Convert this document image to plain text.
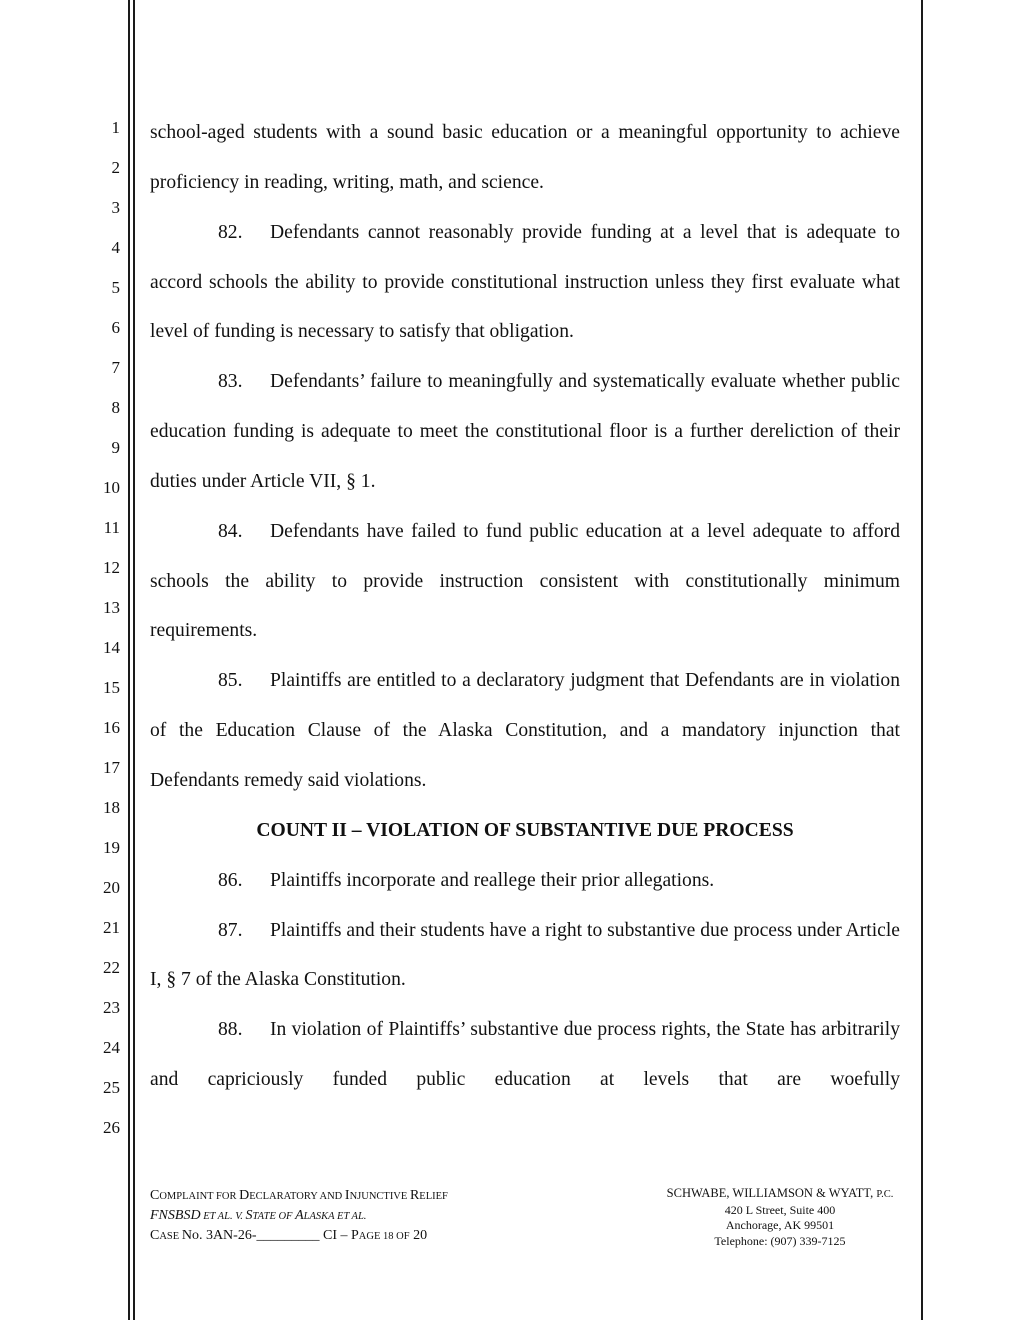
1
2
3
4
5
6
7
8
9
10
11
12
13
14
15
16
17
18
19
20
21
22
23
24
25
26

school-aged students with a sound basic education or a meaningful opportunity to achieve proficiency in reading, writing, math, and science.

82. Defendants cannot reasonably provide funding at a level that is adequate to accord schools the ability to provide constitutional instruction unless they first evaluate what level of funding is necessary to satisfy that obligation.

83. Defendants’ failure to meaningfully and systematically evaluate whether public education funding is adequate to meet the constitutional floor is a further dereliction of their duties under Article VII, § 1.

84. Defendants have failed to fund public education at a level adequate to afford schools the ability to provide instruction consistent with constitutionally minimum requirements.

85. Plaintiffs are entitled to a declaratory judgment that Defendants are in violation of the Education Clause of the Alaska Constitution, and a mandatory injunction that Defendants remedy said violations.

COUNT II – VIOLATION OF SUBSTANTIVE DUE PROCESS

86. Plaintiffs incorporate and reallege their prior allegations.

87. Plaintiffs and their students have a right to substantive due process under Article I, § 7 of the Alaska Constitution.

88. In violation of Plaintiffs’ substantive due process rights, the State has arbitrarily and capriciously funded public education at levels that are woefully

COMPLAINT FOR DECLARATORY AND INJUNCTIVE RELIEF
FNSBSD ET AL. V. STATE OF ALASKA ET AL.
CASE No. 3AN-26-_________ CI – PAGE 18 OF 20
SCHWABE, WILLIAMSON & WYATT, P.C.
420 L Street, Suite 400
Anchorage, AK 99501
Telephone: (907) 339-7125
